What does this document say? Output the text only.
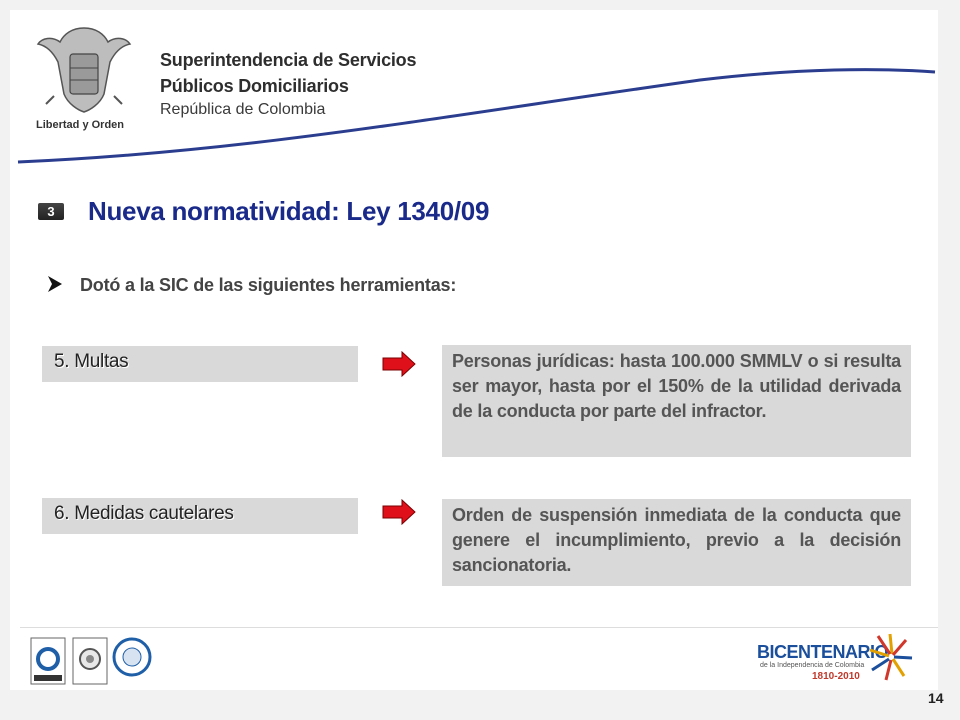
Libertad y Orden
Superintendencia de Servicios
Públicos Domiciliarios
República de Colombia
3	Nueva normatividad: Ley 1340/09
Dotó a la SIC de las siguientes herramientas:
5. Multas	Personas jurídicas: hasta 100.000 SMMLV o si resulta ser mayor, hasta por el 150% de la utilidad derivada de la conducta por parte del infractor.

6. Medidas cautelares	Orden de suspensión inmediata de la conducta que genere el incumplimiento, previo a la decisión sancionatoria.

BICENTENARIO
de la Independencia de Colombia
1810-2010
14
